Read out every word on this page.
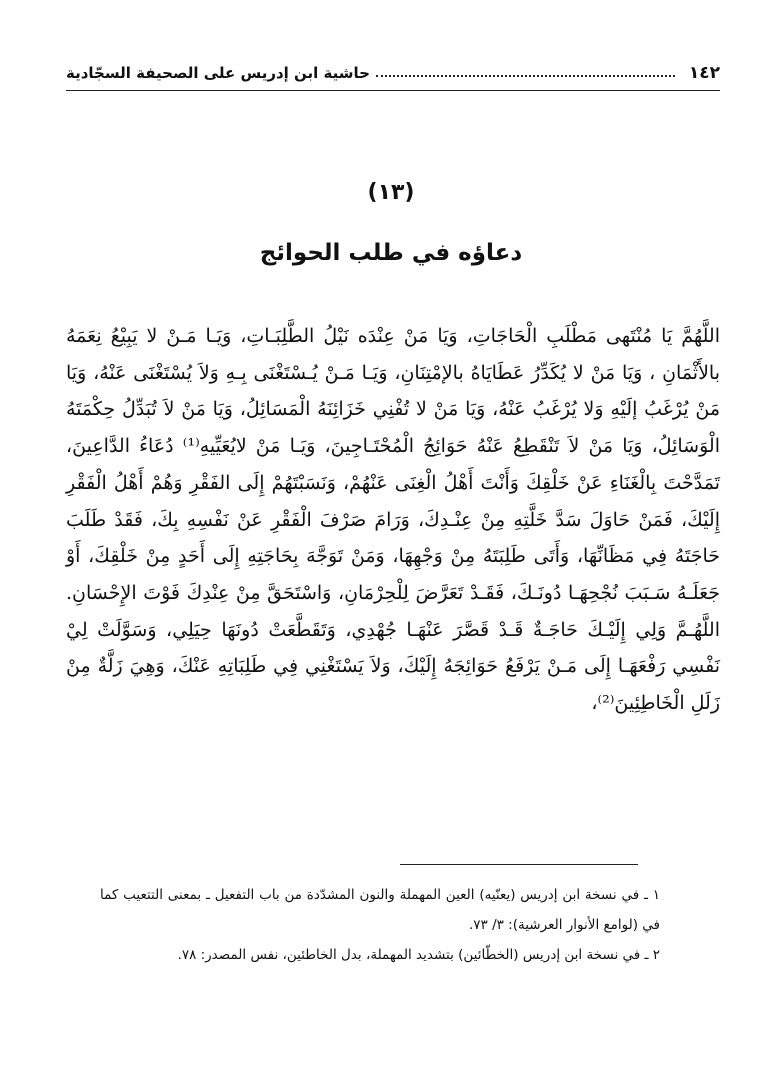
١٤٢
حاشية ابن إدريس على الصحيفة السجّادية
(١٣)
دعاؤه في طلب الحوائج
اللَّهُمَّ يَا مُنْتَهى مَطْلَبِ الْحَاجَاتِ، وَيَا مَنْ عِنْدَه نَيْلُ الطَّلِبَـاتِ، وَيَـا مَـنْ لا يَبِيْعُ نِعَمَهُ بالأَثْمَانِ ، وَيَا مَنْ لا يُكَدِّرُ عَطَايَاهُ بالإمْتِنَانِ، وَيَـا مَـنْ يُـسْتَغْنَى بِـهِ وَلاَ يُسْتَغْنَى عَنْهُ، وَيَا مَنْ يُرْغَبُ إلَيْهِ وَلا يُرْغَبُ عَنْهُ، وَيَا مَنْ لا تُفْنِي خَزَائِنَهُ الْمَسَائِلُ، وَيَا مَنْ لاَ تُبَدِّلُ حِكْمَتَهُ الْوَسَائِلُ، وَيَا مَنْ لاَ تَنْقَطِعُ عَنْهُ حَوَائِجُ الْمُحْتَـاجِينَ، وَيَـا مَنْ لايُعَيِّيهِ⁽¹⁾ دُعَاءُ الدَّاعِينَ، تَمَدَّحْتَ بِالْغَنَاءِ عَنْ خَلْقِكَ وَأَنْتَ أَهْلُ الْغِنَى عَنْهُمْ، وَنَسَبْتَهُمْ إِلَى الفَقْرِ وَهُمْ أَهْلُ الْفَقْرِ إِلَيْكَ، فَمَنْ حَاوَلَ سَدَّ خَلَّتِهِ مِنْ عِنْـدِكَ، وَرَامَ صَرْفَ الْفَقْرِ عَنْ نَفْسِهِ بِكَ، فَقَدْ طَلَبَ حَاجَتَهُ فِي مَظَانِّهَا، وَأَتَى طَلِبَتَهُ مِنْ وَجْهِهَا، وَمَنْ تَوَجَّهَ بِحَاجَتِهِ إِلَى أَحَدٍ مِنْ خَلْقِكَ، أَوْ جَعَلَـهُ سَـبَبَ نُجْحِهَـا دُونَـكَ، فَقَـدْ تَعَرَّضَ لِلْحِرْمَانِ، وَاسْتَحَقَّ مِنْ عِنْدِكَ فَوْتَ الإِحْسَانِ. اللَّهُـمَّ وَلِي إِلَيْـكَ حَاجَـةٌ قَـدْ قَصَّرَ عَنْهَـا جُهْدِي، وَتَقَطَّعَتْ دُونَهَا حِيَلِي، وَسَوَّلَتْ لِيْ نَفْسِي رَفْعَهَـا إِلَى مَـنْ يَرْفَعُ حَوَائِجَهُ إِلَيْكَ، وَلاَ يَسْتَغْنِي فِي طَلِبَاتِهِ عَنْكَ، وَهِيَ زَلَّةٌ مِنْ زَلَلِ الْخَاطِئِينَ⁽²⁾،

١ ـ في نسخة ابن إدريس (يعنّيه) العين المهملة والنون المشدّدة من باب التفعيل ـ بمعنى التتعيب كما في (لوامع الأنوار العرشية): ٣/ ٧٣.

٢ ـ في نسخة ابن إدريس (الخطّائين) بتشديد المهملة، بدل الخاطئين، نفس المصدر: ٧٨.
